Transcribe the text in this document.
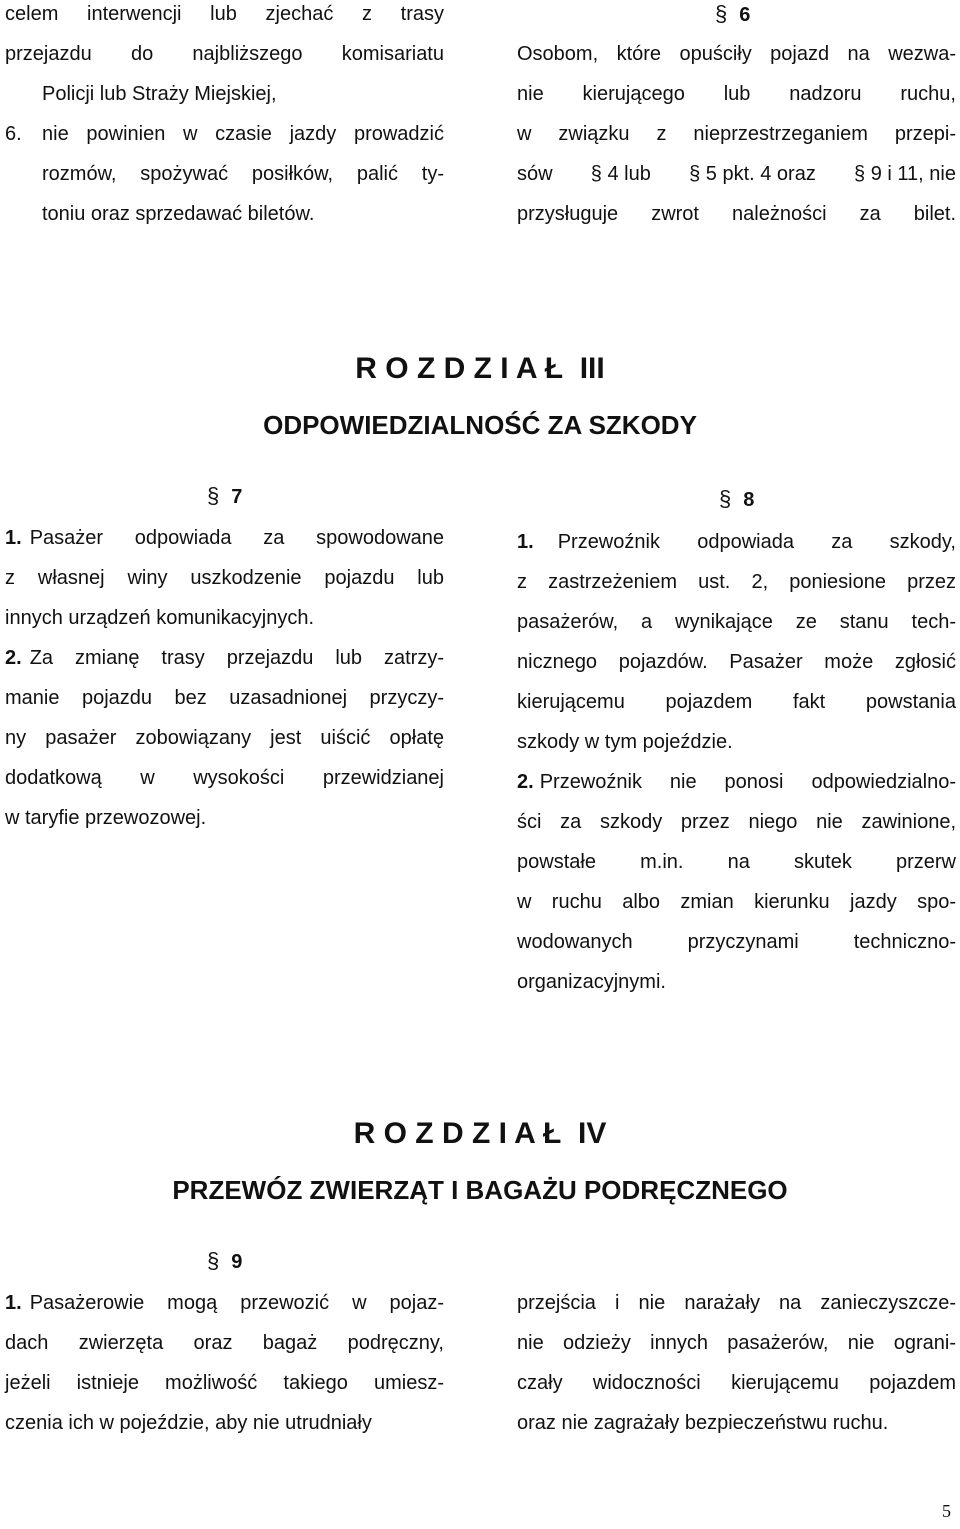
celem interwencji lub zjechać z trasy
przejazdu do najbliższego komisariatu
Policji lub Straży Miejskiej,
6. nie powinien w czasie jazdy prowadzić
rozmów, spożywać posiłków, palić ty-
toniu oraz sprzedawać biletów.
§ 6
Osobom, które opuściły pojazd na wezwa-
nie kierującego lub nadzoru ruchu,
w związku z nieprzestrzeganiem przepi-
sów § 4 lub § 5 pkt. 4 oraz § 9 i 11, nie
przysługuje zwrot należności za bilet.
R O Z D Z I A Ł  III
ODPOWIEDZIALNOŚĆ ZA SZKODY
§ 7
1. Pasażer odpowiada za spowodowane
z własnej winy uszkodzenie pojazdu lub
innych urządzeń komunikacyjnych.
2. Za zmianę trasy przejazdu lub zatrzy-
manie pojazdu bez uzasadnionej przyczy-
ny pasażer zobowiązany jest uiścić opłatę
dodatkową w wysokości przewidzianej
w taryfie przewozowej.
§ 8
1. Przewoźnik odpowiada za szkody,
z zastrzeżeniem ust. 2, poniesione przez
pasażerów, a wynikające ze stanu tech-
nicznego pojazdów. Pasażer może zgłosić
kierującemu pojazdem fakt powstania
szkody w tym pojeździe.
2. Przewoźnik nie ponosi odpowiedzialno-
ści za szkody przez niego nie zawinione,
powstałe m.in. na skutek przerw
w ruchu albo zmian kierunku jazdy spo-
wodowanych przyczynami techniczno-
organizacyjnymi.
R O Z D Z I A Ł  IV
PRZEWÓZ ZWIERZĄT I BAGAŻU PODRĘCZNEGO
§ 9
1. Pasażerowie mogą przewozić w pojaz-
dach zwierzęta oraz bagaż podręczny,
jeżeli istnieje możliwość takiego umiesz-
czenia ich w pojeździe, aby nie utrudniały
przejścia i nie narażały na zanieczyszcze-
nie odzieży innych pasażerów, nie ograni-
czały widoczności kierującemu pojazdem
oraz nie zagrażały bezpieczeństwu ruchu.
5
